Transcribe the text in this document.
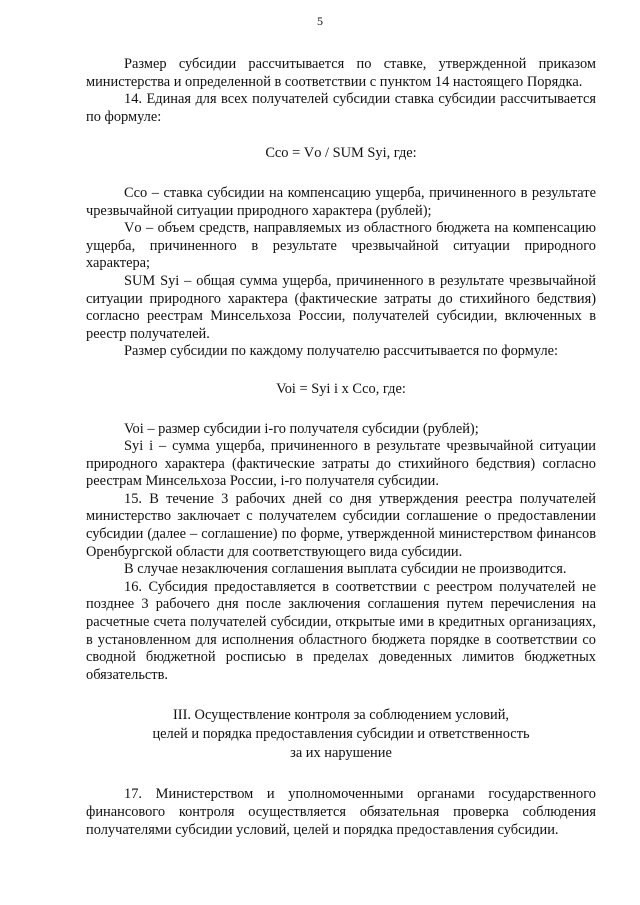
5

Размер субсидии рассчитывается по ставке, утвержденной приказом министерства и определенной в соответствии с пунктом 14 настоящего Порядка.

14. Единая для всех получателей субсидии ставка субсидии рассчитывается по формуле:

Cсо = Vо / SUM Syi, где:

Cсо – ставка субсидии на компенсацию ущерба, причиненного в результате чрезвычайной ситуации природного характера (рублей);

Vо – объем средств, направляемых из областного бюджета на компенсацию ущерба, причиненного в результате чрезвычайной ситуации природного характера;

SUM Syi – общая сумма ущерба, причиненного в результате чрезвычайной ситуации природного характера (фактические затраты до стихийного бедствия) согласно реестрам Минсельхоза России, получателей субсидии, включенных в реестр получателей.

Размер субсидии по каждому получателю рассчитывается по формуле:

Voi = Syi i х Ссо, где:

Voi – размер субсидии i-го получателя субсидии (рублей);

Syi i – сумма ущерба, причиненного в результате чрезвычайной ситуации природного характера (фактические затраты до стихийного бедствия) согласно реестрам Минсельхоза России, i-го получателя субсидии.

15. В течение 3 рабочих дней со дня утверждения реестра получателей министерство заключает с получателем субсидии соглашение о предоставлении субсидии (далее – соглашение) по форме, утвержденной министерством финансов Оренбургской области для соответствующего вида субсидии.

В случае незаключения соглашения выплата субсидии не производится.

16. Субсидия предоставляется в соответствии с реестром получателей не позднее 3 рабочего дня после заключения соглашения путем перечисления на расчетные счета получателей субсидии, открытые ими в кредитных организациях, в установленном для исполнения областного бюджета порядке в соответствии со сводной бюджетной росписью в пределах доведенных лимитов бюджетных обязательств.

III. Осуществление контроля за соблюдением условий,
целей и порядка предоставления субсидии и ответственность
за их нарушение

17. Министерством и уполномоченными органами государственного финансового контроля осуществляется обязательная проверка соблюдения получателями субсидии условий, целей и порядка предоставления субсидии.
